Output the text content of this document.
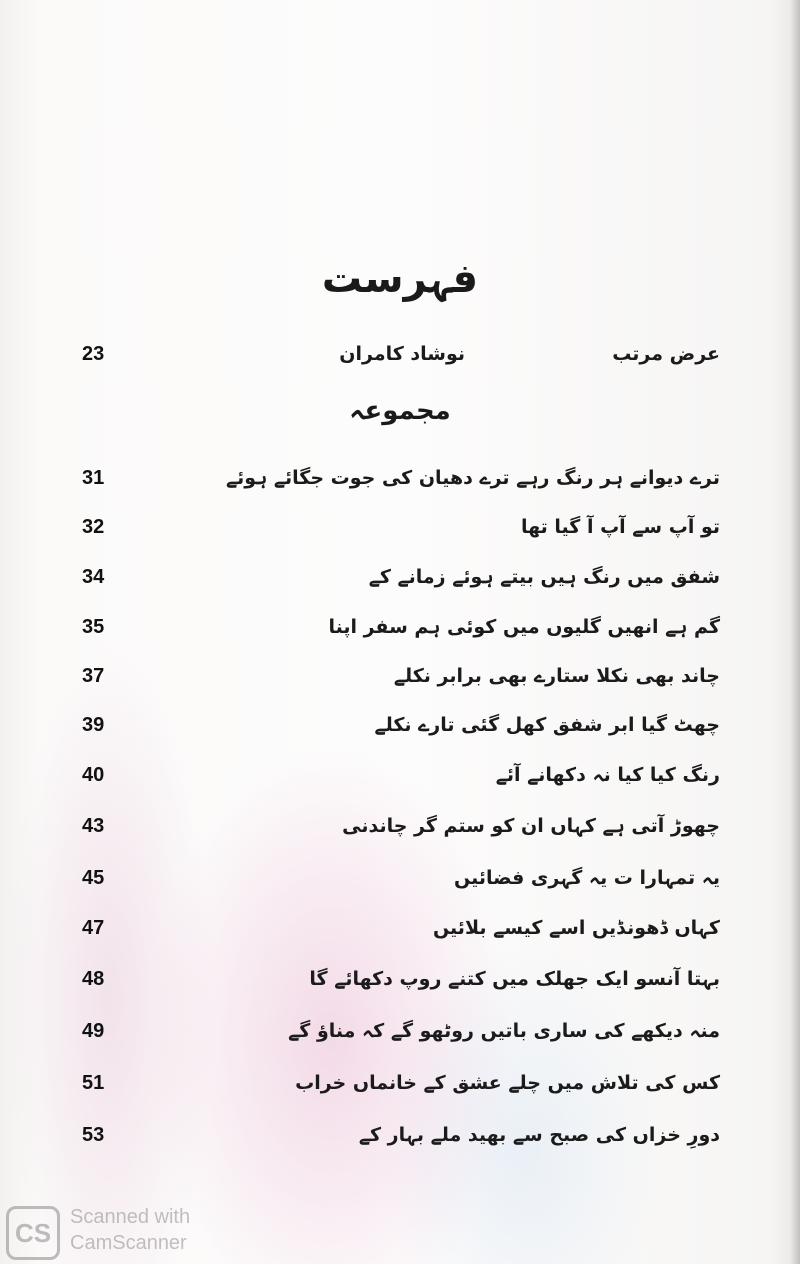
فہرست
عرض مرتب
نوشاد کامران
23
مجموعہ
ترے دیوانے ہر رنگ رہے ترے دھیان کی جوت جگائے ہوئے
31
تو آپ سے آپ آ گیا تھا
32
شفق میں رنگ ہیں بیتے ہوئے زمانے کے
34
گم ہے انھیں گلیوں میں کوئی ہم سفر اپنا
35
چاند بھی نکلا ستارے بھی برابر نکلے
37
چھٹ گیا ابر شفق کھل گئی تارے نکلے
39
رنگ کیا کیا نہ دکھانے آئے
40
چھوڑ آتی ہے کہاں ان کو ستم گر چاندنی
43
یہ تمہارا ت یہ گہری فضائیں
45
کہاں ڈھونڈیں اسے کیسے بلائیں
47
بہتا آنسو ایک جھلک میں کتنے روپ دکھائے گا
48
منہ دیکھے کی ساری باتیں روٹھو گے کہ مناؤ گے
49
کس کی تلاش میں چلے عشق کے خانماں خراب
51
دورِ خزاں کی صبح سے بھید ملے بہار کے
53
CS
Scanned with
CamScanner
